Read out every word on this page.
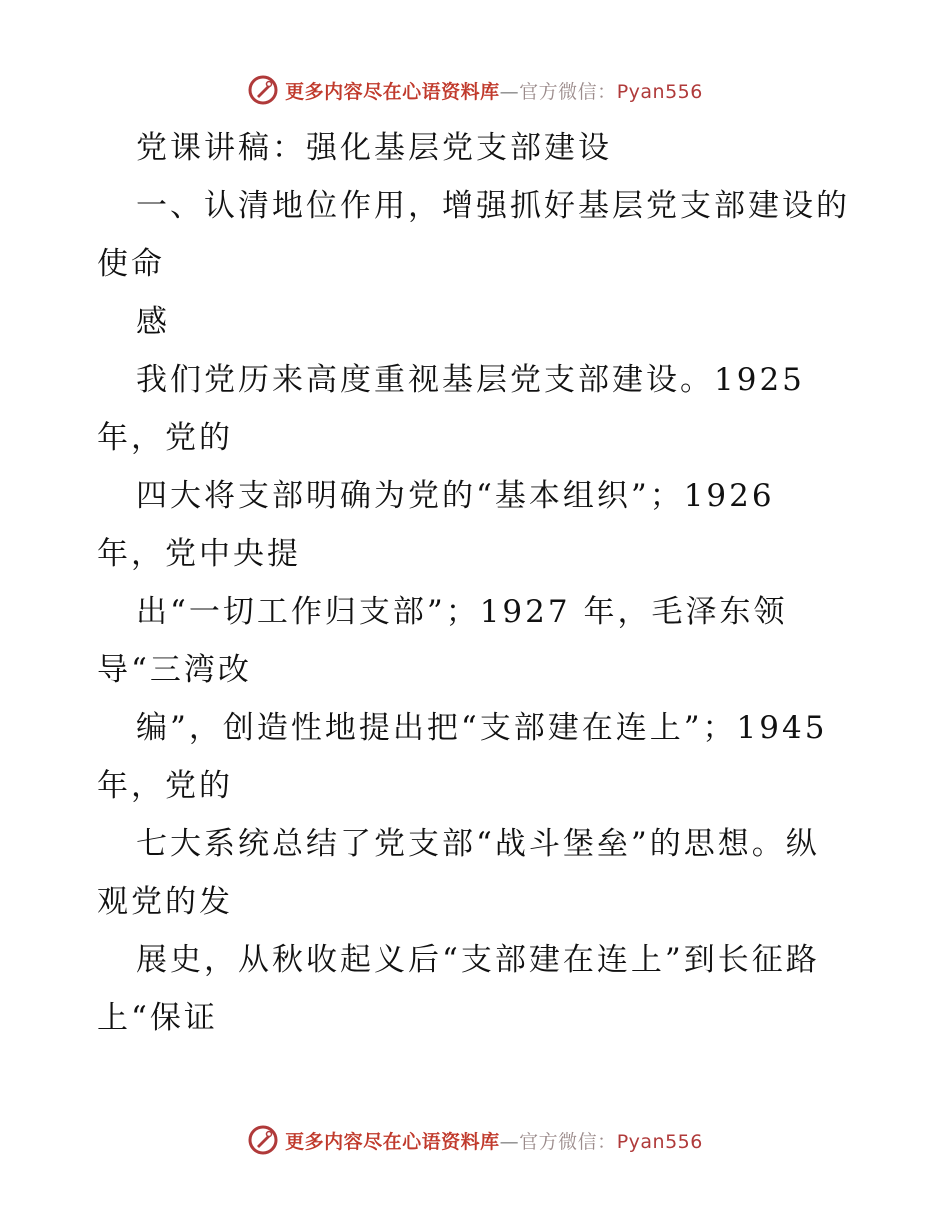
更多内容尽在心语资料库—官方微信：Pyan556
党课讲稿：强化基层党支部建设
一、认清地位作用，增强抓好基层党支部建设的
使命
感
我们党历来高度重视基层党支部建设。1925
年，党的
四大将支部明确为党的“基本组织”；1926
年，党中央提
出“一切工作归支部”；1927 年，毛泽东领
导“三湾改
编”，创造性地提出把“支部建在连上”；1945
年，党的
七大系统总结了党支部“战斗堡垒”的思想。纵
观党的发
展史，从秋收起义后“支部建在连上”到长征路
上“保证
更多内容尽在心语资料库—官方微信：Pyan556
